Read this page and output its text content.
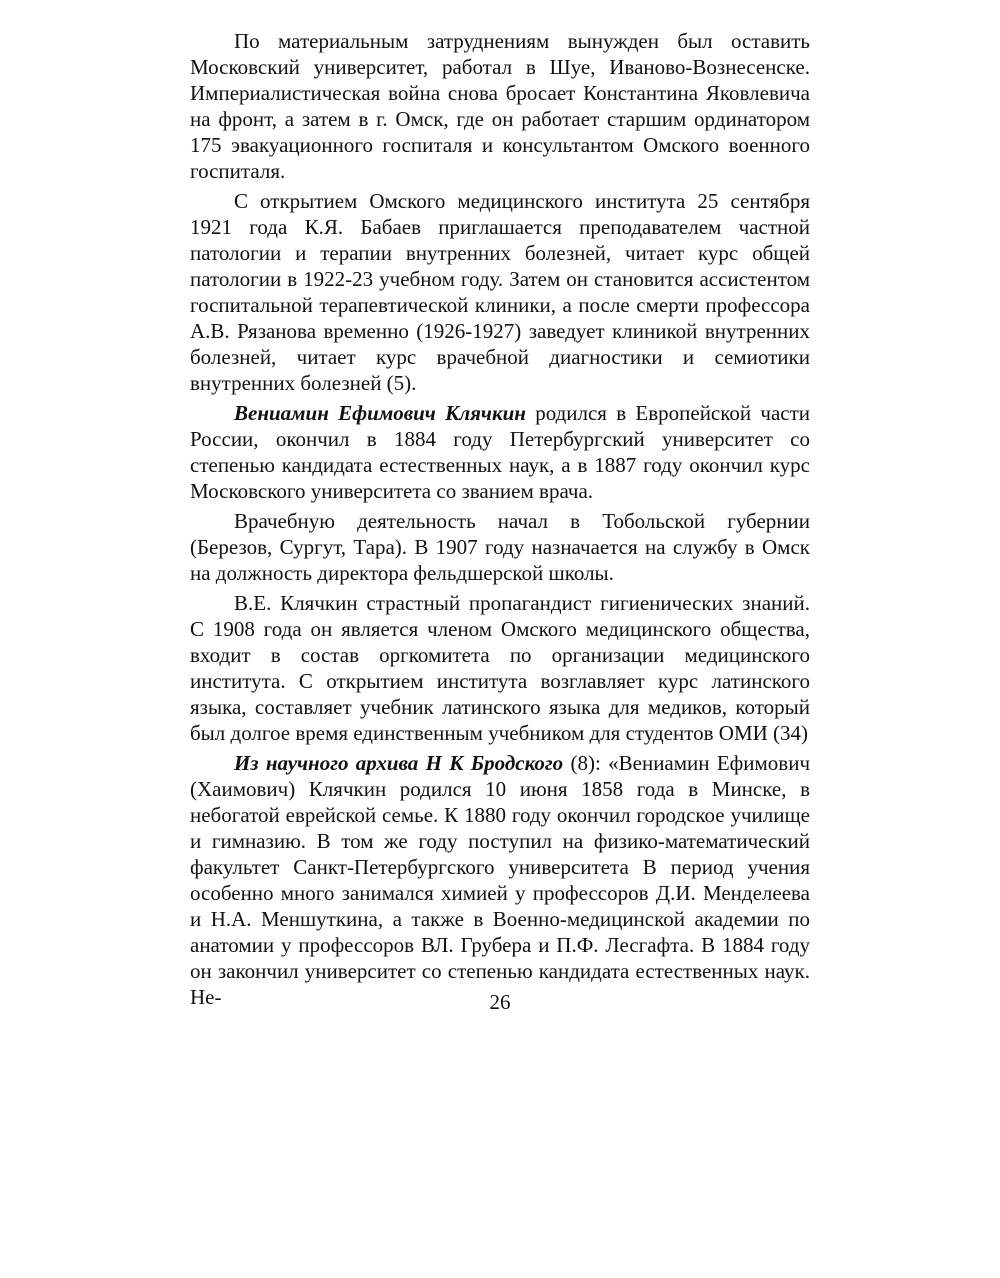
По материальным затруднениям вынужден был оставить Московский университет, работал в Шуе, Иваново-Вознесенске. Империалистическая война снова бросает Константина Яковлевича на фронт, а затем в г. Омск, где он работает старшим ординатором 175 эвакуационного госпиталя и консультантом Омского военного госпиталя.

С открытием Омского медицинского института 25 сентября 1921 года К.Я. Бабаев приглашается преподавателем частной патологии и терапии внутренних болезней, читает курс общей патологии в 1922-23 учебном году. Затем он становится ассистентом госпитальной терапевтической клиники, а после смерти профессора А.В. Рязанова временно (1926-1927) заведует клиникой внутренних болезней, читает курс врачебной диагностики и семиотики внутренних болезней (5).

Вениамин Ефимович Клячкин родился в Европейской части России, окончил в 1884 году Петербургский университет со степенью кандидата естественных наук, а в 1887 году окончил курс Московского университета со званием врача.

Врачебную деятельность начал в Тобольской губернии (Березов, Сургут, Тара). В 1907 году назначается на службу в Омск на должность директора фельдшерской школы.

В.Е. Клячкин страстный пропагандист гигиенических знаний. С 1908 года он является членом Омского медицинского общества, входит в состав оргкомитета по организации медицинского института. С открытием института возглавляет курс латинского языка, составляет учебник латинского языка для медиков, который был долгое время единственным учебником для студентов ОМИ (34)

Из научного архива Н К Бродского (8): «Вениамин Ефимович (Хаимович) Клячкин родился 10 июня 1858 года в Минске, в небогатой еврейской семье. К 1880 году окончил городское училище и гимназию. В том же году поступил на физико-математический факультет Санкт-Петербургского университета В период учения особенно много занимался химией у профессоров Д.И. Менделеева и Н.А. Меншуткина, а также в Военно-медицинской академии по анатомии у профессоров ВЛ. Грубера и П.Ф. Лесгафта. В 1884 году он закончил университет со степенью кандидата естественных наук. Не-	26
